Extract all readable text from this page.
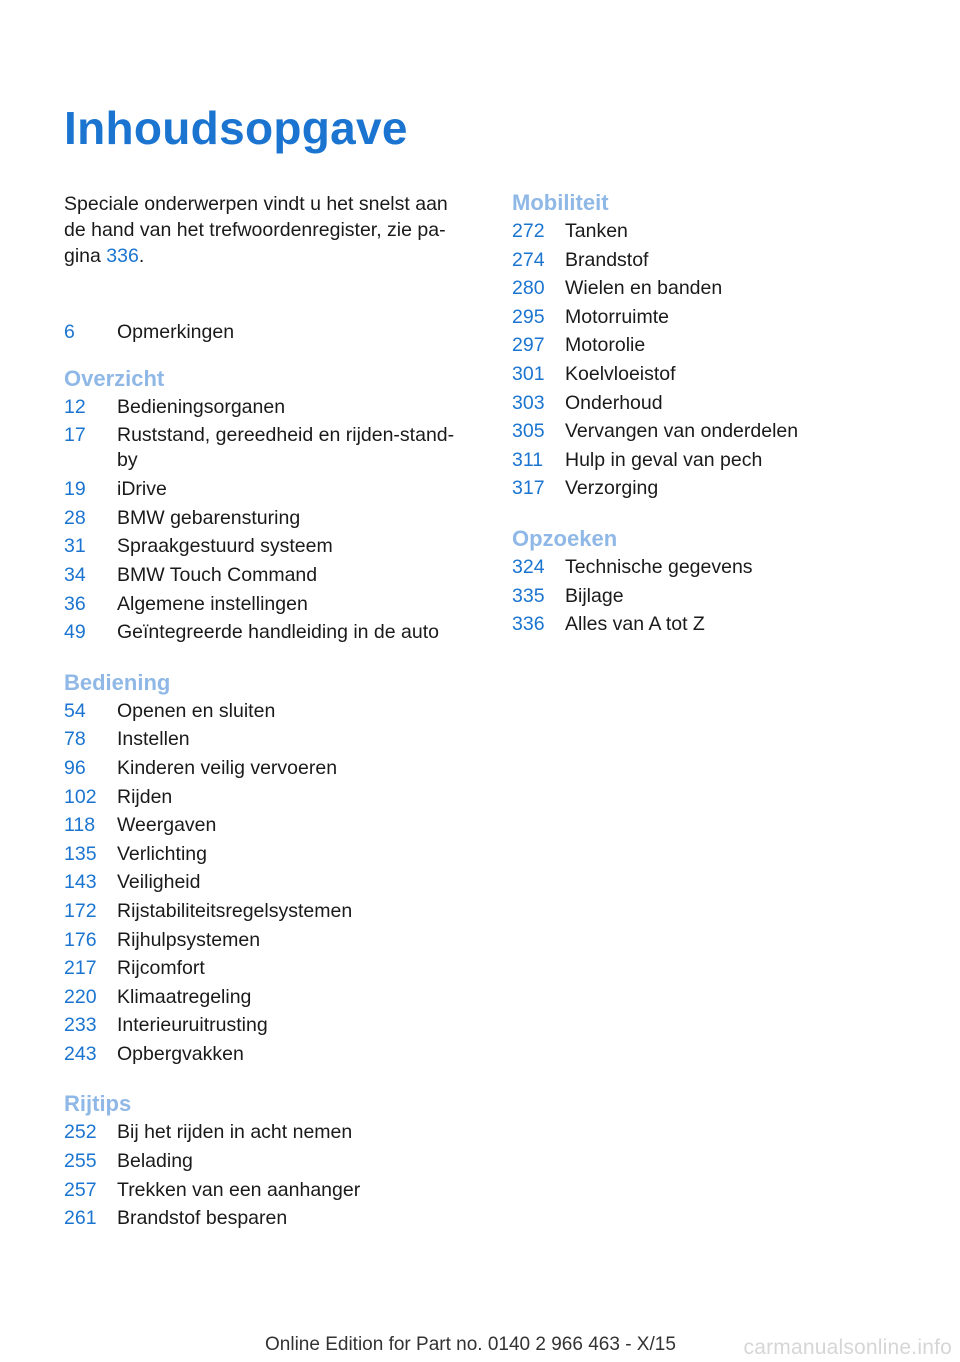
Inhoudsopgave

Speciale onderwerpen vindt u het snelst aan de hand van het trefwoordenregister, zie pa‐ gina 336.

6	Opmerkingen
Overzicht
12	Bedieningsorganen
17	Ruststand, gereedheid en rijden-stand‐ by
19	iDrive
28	BMW gebarensturing
31	Spraakgestuurd systeem
34	BMW Touch Command
36	Algemene instellingen
49	Geïntegreerde handleiding in de auto
Bediening
54	Openen en sluiten
78	Instellen
96	Kinderen veilig vervoeren
102	Rijden
118	Weergaven
135	Verlichting
143	Veiligheid
172	Rijstabiliteitsregelsystemen
176	Rijhulpsystemen
217	Rijcomfort
220	Klimaatregeling
233	Interieuruitrusting
243	Opbergvakken
Rijtips
252	Bij het rijden in acht nemen
255	Belading
257	Trekken van een aanhanger
261	Brandstof besparen
Mobiliteit
272	Tanken
274	Brandstof
280	Wielen en banden
295	Motorruimte
297	Motorolie
301	Koelvloeistof
303	Onderhoud
305	Vervangen van onderdelen
311	Hulp in geval van pech
317	Verzorging
Opzoeken
324	Technische gegevens
335	Bijlage
336	Alles van A tot Z
Online Edition for Part no. 0140 2 966 463 - X/15	carmanualsonline.info
